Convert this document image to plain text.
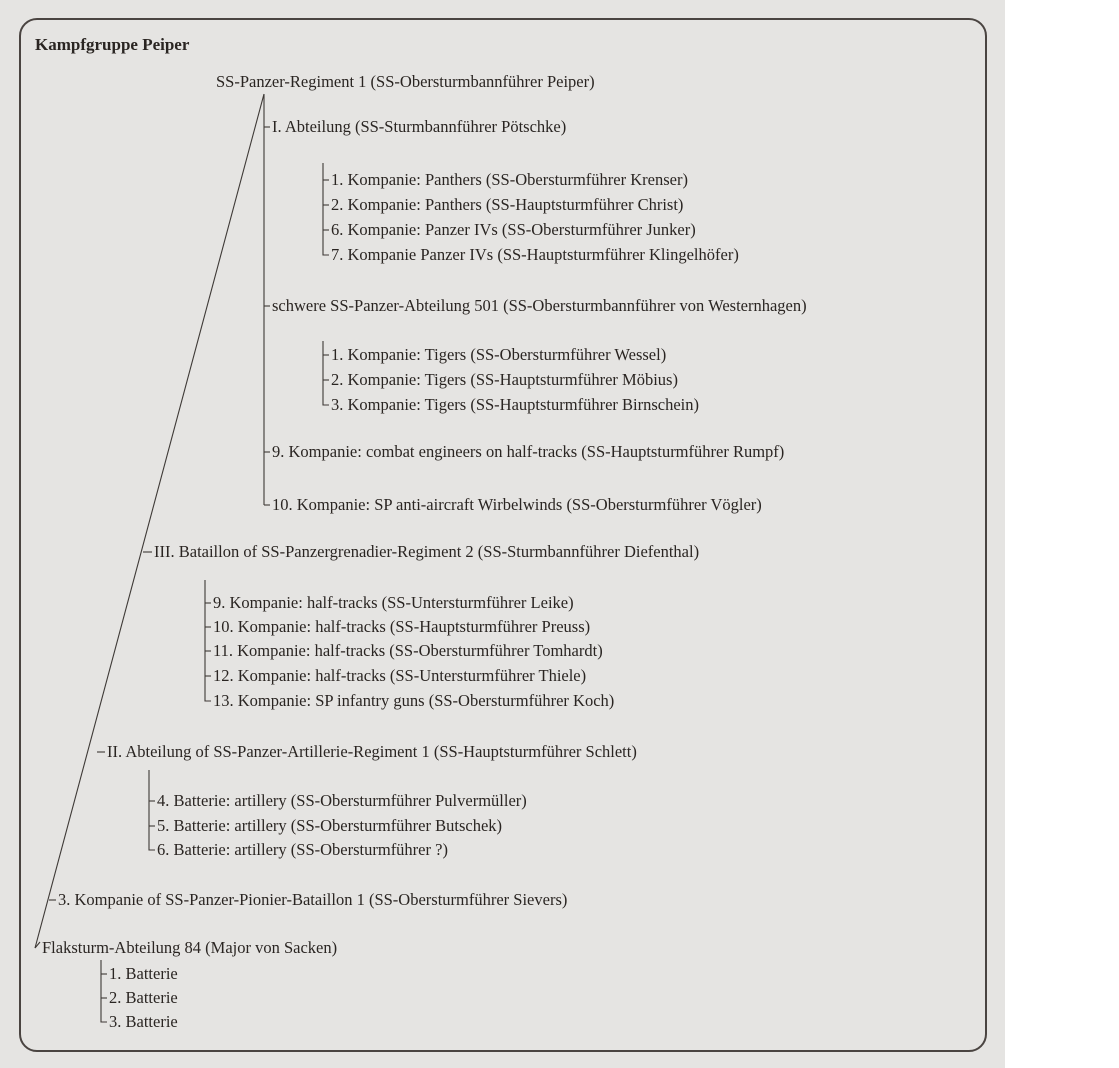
Kampfgruppe Peiper
SS-Panzer-Regiment 1 (SS-Obersturmbannführer Peiper)
I. Abteilung (SS-Sturmbannführer Pötschke)
1. Kompanie: Panthers (SS-Obersturmführer Krenser)
2. Kompanie: Panthers (SS-Hauptsturmführer Christ)
6. Kompanie: Panzer IVs (SS-Obersturmführer Junker)
7. Kompanie Panzer IVs (SS-Hauptsturmführer Klingelhöfer)
schwere SS-Panzer-Abteilung 501 (SS-Obersturmbannführer von Westernhagen)
1. Kompanie: Tigers (SS-Obersturmführer Wessel)
2. Kompanie: Tigers (SS-Hauptsturmführer Möbius)
3. Kompanie: Tigers (SS-Hauptsturmführer Birnschein)
9. Kompanie: combat engineers on half-tracks (SS-Hauptsturmführer Rumpf)
10. Kompanie: SP anti-aircraft Wirbelwinds (SS-Obersturmführer Vögler)
III. Bataillon of SS-Panzergrenadier-Regiment 2 (SS-Sturmbannführer Diefenthal)
9. Kompanie: half-tracks (SS-Untersturmführer Leike)
10. Kompanie: half-tracks (SS-Hauptsturmführer Preuss)
11. Kompanie: half-tracks (SS-Obersturmführer Tomhardt)
12. Kompanie: half-tracks (SS-Untersturmführer Thiele)
13. Kompanie: SP infantry guns (SS-Obersturmführer Koch)
II. Abteilung of SS-Panzer-Artillerie-Regiment 1 (SS-Hauptsturmführer Schlett)
4. Batterie: artillery (SS-Obersturmführer Pulvermüller)
5. Batterie: artillery (SS-Obersturmführer Butschek)
6. Batterie: artillery (SS-Obersturmführer ?)
3. Kompanie of SS-Panzer-Pionier-Bataillon 1 (SS-Obersturmführer Sievers)
Flaksturm-Abteilung 84 (Major von Sacken)
1. Batterie
2. Batterie
3. Batterie
